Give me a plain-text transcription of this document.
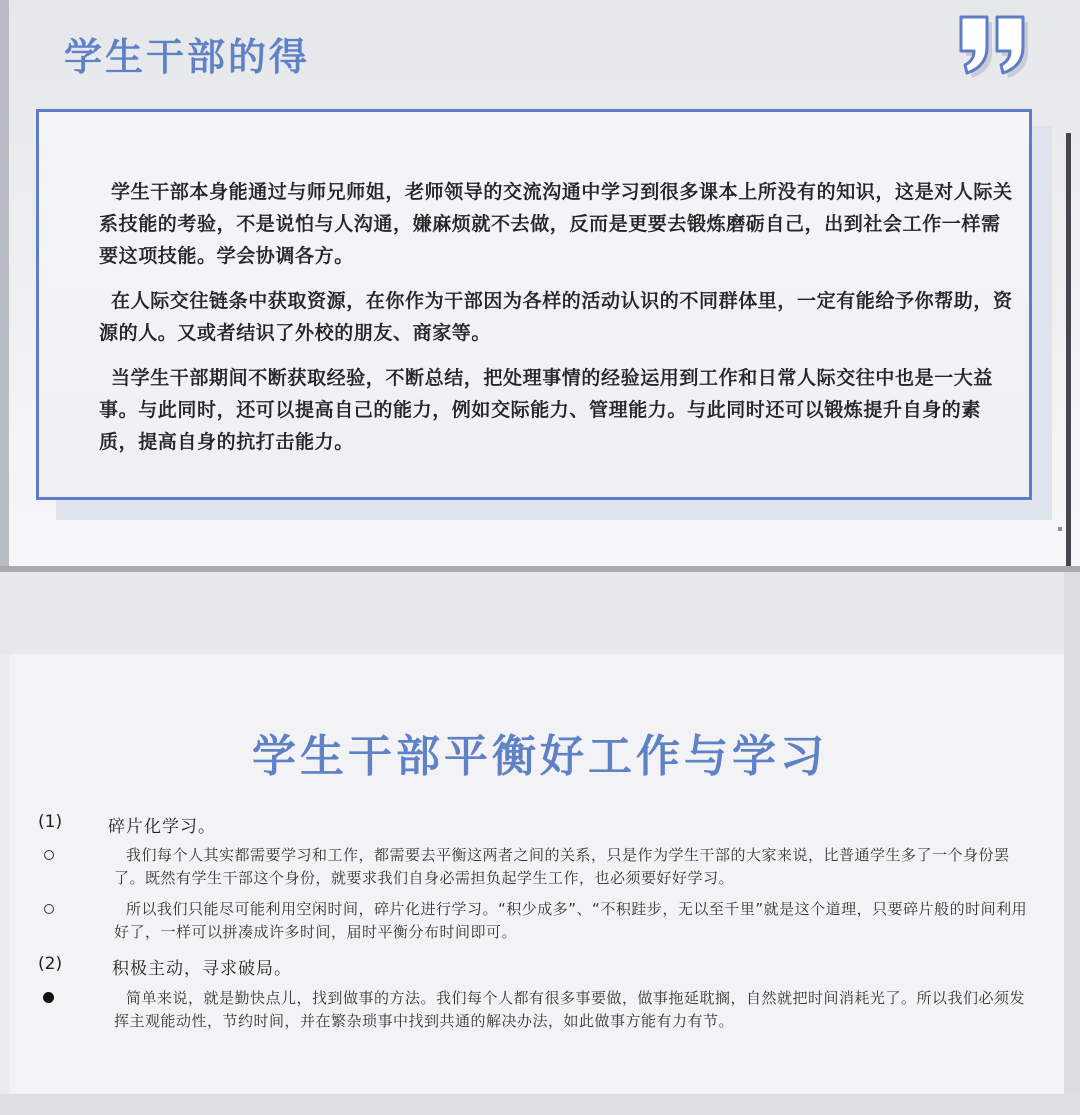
学生干部的得

学生干部本身能通过与师兄师姐，老师领导的交流沟通中学习到很多课本上所没有的知识，这是对人际关系技能的考验，不是说怕与人沟通，嫌麻烦就不去做，反而是更要去锻炼磨砺自己，出到社会工作一样需要这项技能。学会协调各方。

在人际交往链条中获取资源，在你作为干部因为各样的活动认识的不同群体里，一定有能给予你帮助，资源的人。又或者结识了外校的朋友、商家等。

当学生干部期间不断获取经验，不断总结，把处理事情的经验运用到工作和日常人际交往中也是一大益事。与此同时，还可以提高自己的能力，例如交际能力、管理能力。与此同时还可以锻炼提升自身的素质，提高自身的抗打击能力。

学生干部平衡好工作与学习
(1)	碎片化学习。

我们每个人其实都需要学习和工作，都需要去平衡这两者之间的关系，只是作为学生干部的大家来说，比普通学生多了一个身份罢了。既然有学生干部这个身份，就要求我们自身必需担负起学生工作，也必须要好好学习。

所以我们只能尽可能利用空闲时间，碎片化进行学习。“积少成多”、“不积跬步，无以至千里”就是这个道理，只要碎片般的时间利用好了，一样可以拼凑成许多时间，届时平衡分布时间即可。

(2)	积极主动，寻求破局。

简单来说，就是勤快点儿，找到做事的方法。我们每个人都有很多事要做，做事拖延耽搁，自然就把时间消耗光了。所以我们必须发挥主观能动性，节约时间，并在繁杂琐事中找到共通的解决办法，如此做事方能有力有节。
